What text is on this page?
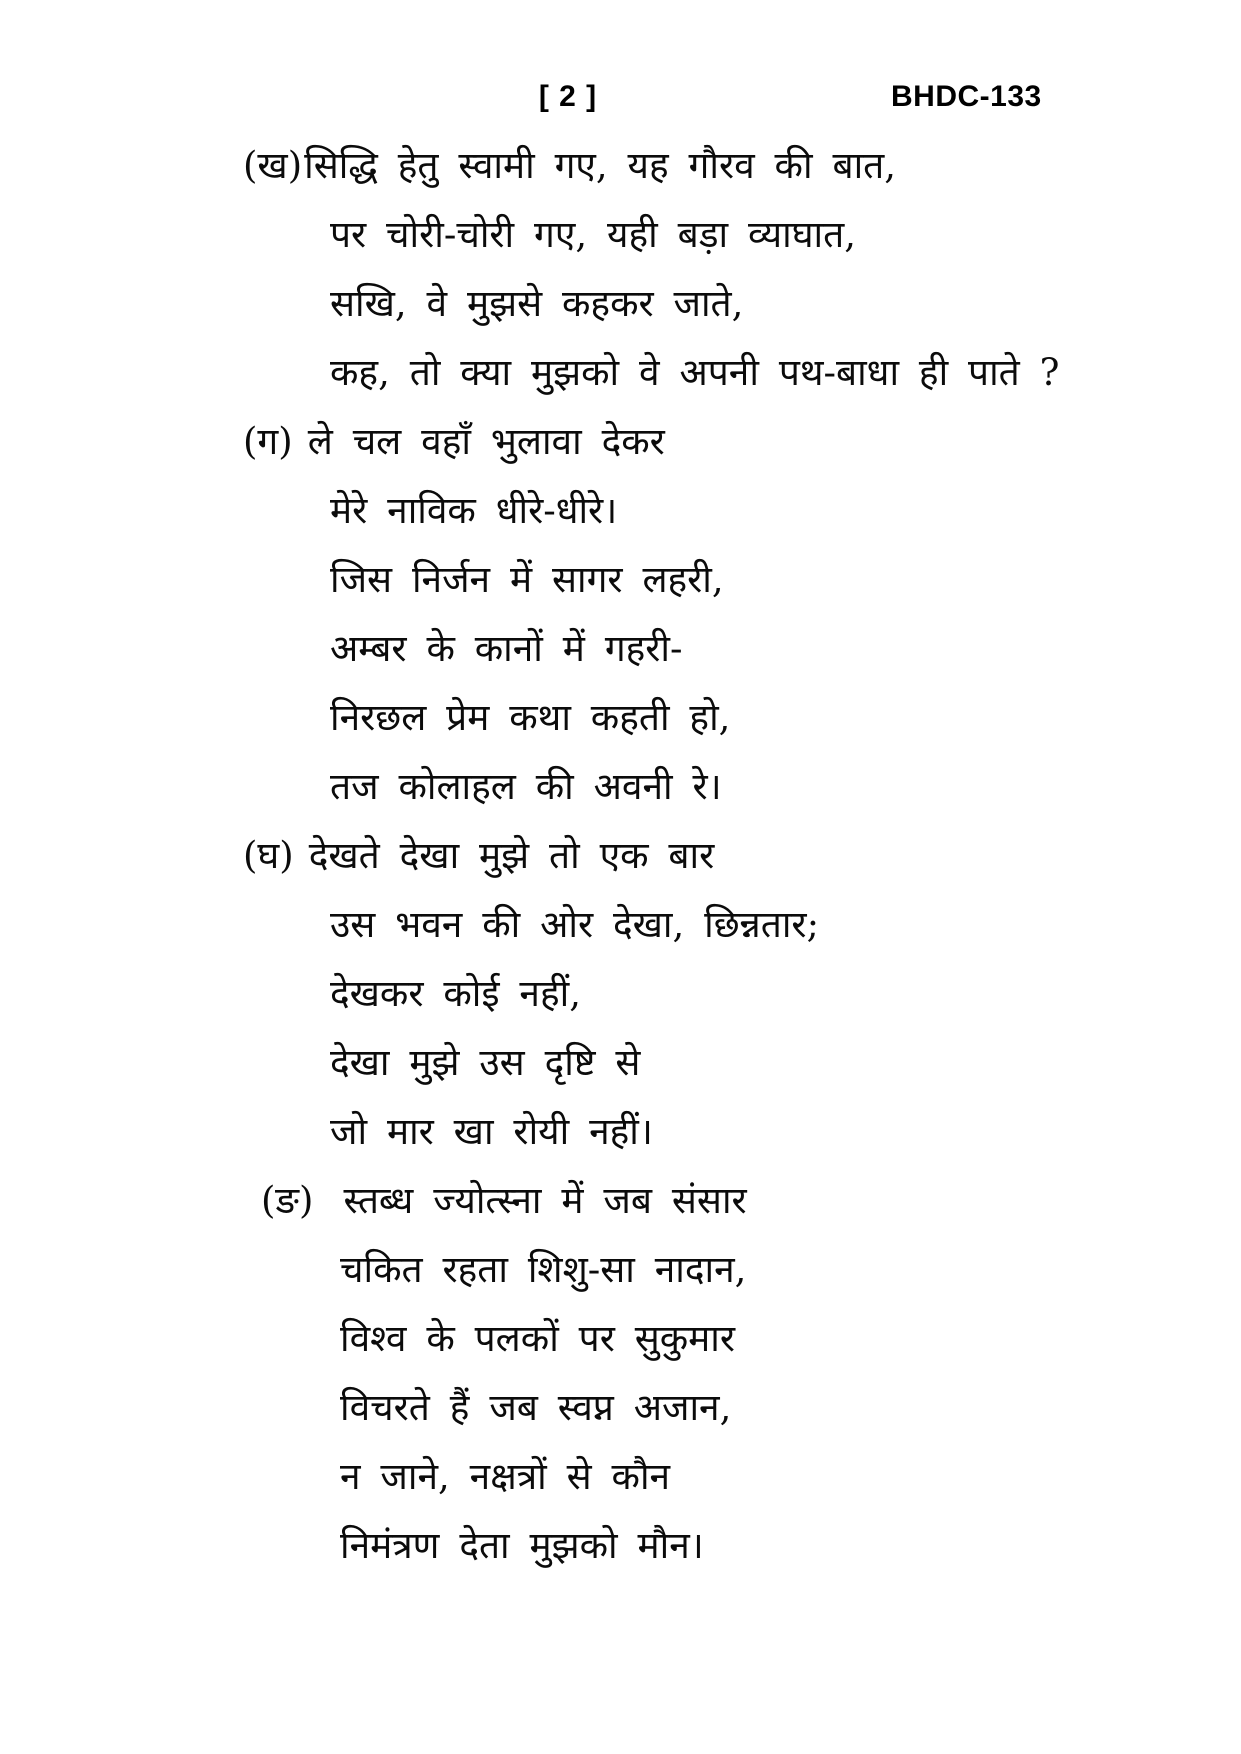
[ 2 ]	BHDC-133
(ख)सिद्धि हेतु स्वामी गए, यह गौरव की बात,
पर चोरी-चोरी गए, यही बड़ा व्याघात,
सखि, वे मुझसे कहकर जाते,
कह, तो क्या मुझको वे अपनी पथ-बाधा ही पाते ?
(ग) ले चल वहाँ भुलावा देकर
मेरे नाविक धीरे-धीरे।
जिस निर्जन में सागर लहरी,
अम्बर के कानों में गहरी-
निरछल प्रेम कथा कहती हो,
तज कोलाहल की अवनी रे।
(घ) देखते देखा मुझे तो एक बार
उस भवन की ओर देखा, छिन्नतार;
देखकर कोई नहीं,
देखा मुझे उस दृष्टि से
जो मार खा रोयी नहीं।
(ङ) स्तब्ध ज्योत्स्ना में जब संसार
चकित रहता शिशु-सा नादान,
विश्व के पलकों पर सुकुमार
विचरते हैं जब स्वप्न अजान,
न जाने, नक्षत्रों से कौन
निमंत्रण देता मुझको मौन।
